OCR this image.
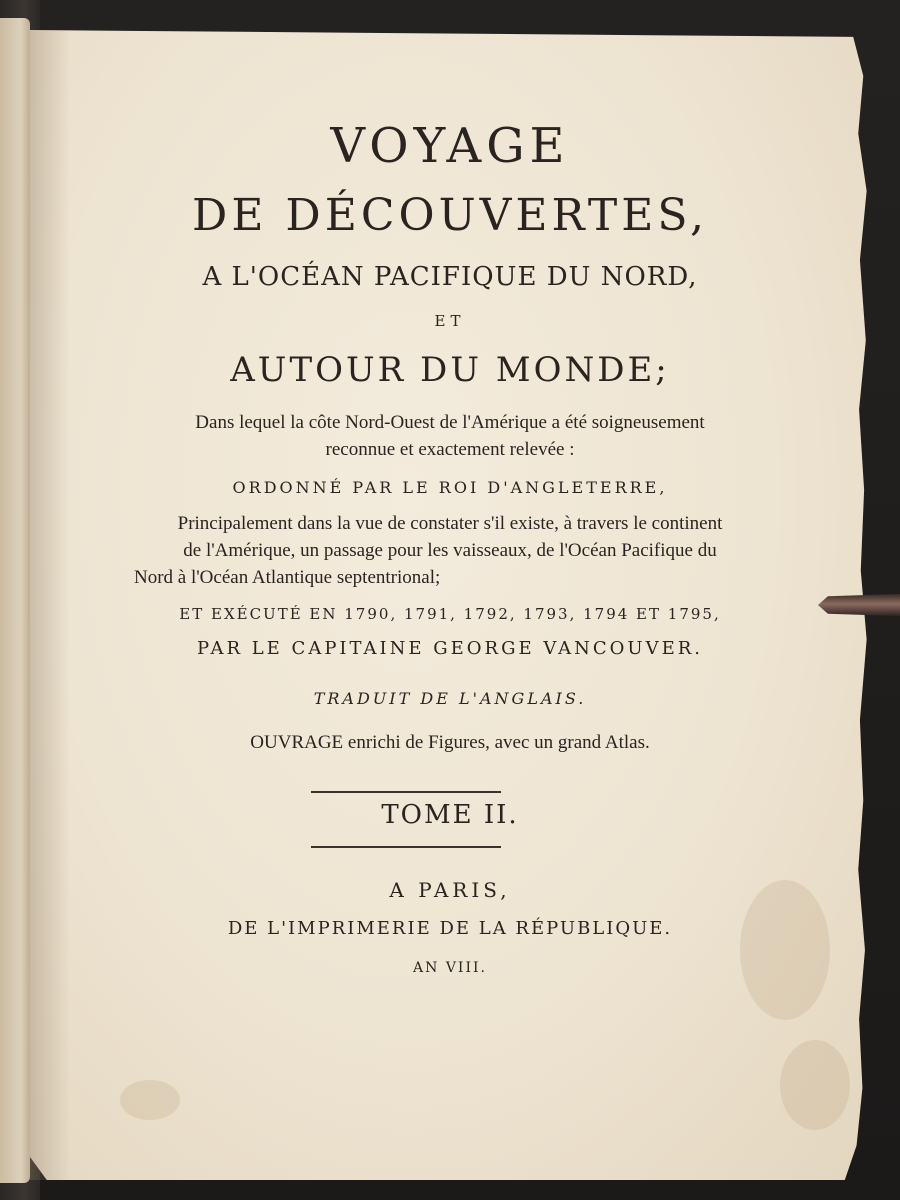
VOYAGE
DE DÉCOUVERTES,
A L'OCÉAN PACIFIQUE DU NORD,
ET
AUTOUR DU MONDE;
Dans lequel la côte Nord-Ouest de l'Amérique a été soigneusement
reconnue et exactement relevée :
ORDONNÉ PAR LE ROI D'ANGLETERRE,
Principalement dans la vue de constater s'il existe, à travers le continent
de l'Amérique, un passage pour les vaisseaux, de l'Océan Pacifique du
Nord à l'Océan Atlantique septentrional;
ET EXÉCUTÉ EN 1790, 1791, 1792, 1793, 1794 ET 1795,
PAR LE CAPITAINE GEORGE VANCOUVER.
TRADUIT DE L'ANGLAIS.
OUVRAGE enrichi de Figures, avec un grand Atlas.
TOME II.
A PARIS,
DE L'IMPRIMERIE DE LA RÉPUBLIQUE.
AN VIII.
